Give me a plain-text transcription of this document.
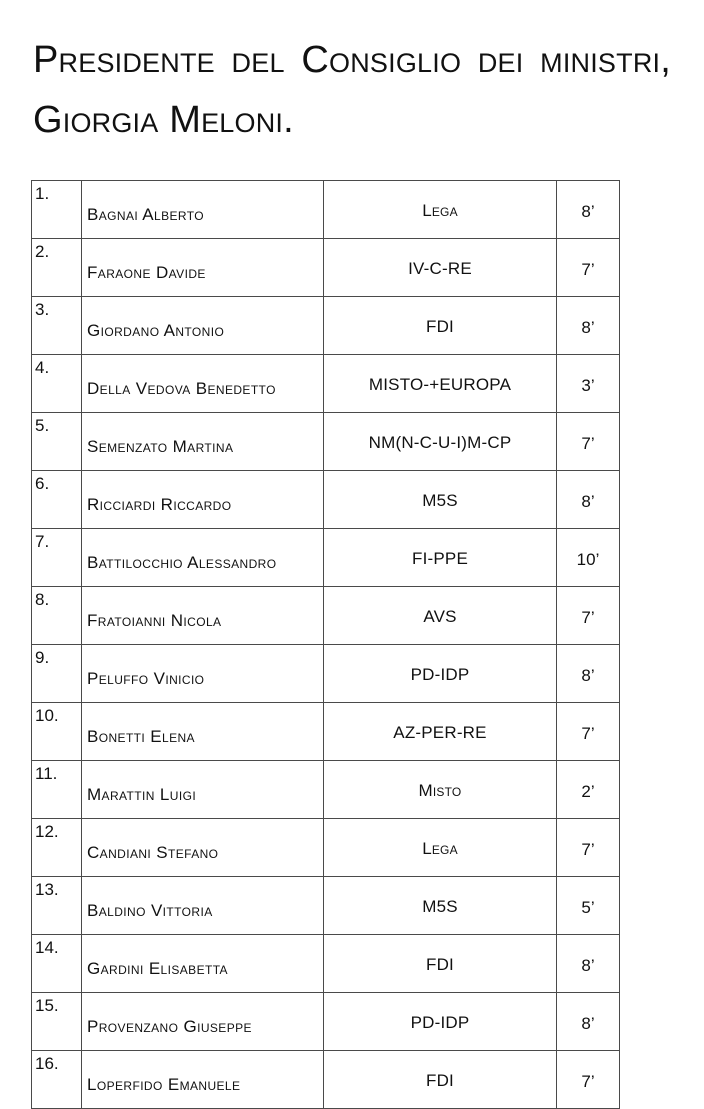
Presidente del Consiglio dei ministri, Giorgia Meloni.
1.	Bagnai Alberto	Lega	8’
2.	Faraone Davide	IV-C-RE	7’
3.	Giordano Antonio	FDI	8’
4.	Della Vedova Benedetto	MISTO-+EUROPA	3’
5.	Semenzato Martina	NM(N-C-U-I)M-CP	7’
6.	Ricciardi Riccardo	M5S	8’
7.	Battilocchio Alessandro	FI-PPE	10’
8.	Fratoianni Nicola	AVS	7’
9.	Peluffo Vinicio	PD-IDP	8’
10.	Bonetti Elena	AZ-PER-RE	7’
11.	Marattin Luigi	Misto	2’
12.	Candiani Stefano	Lega	7’
13.	Baldino Vittoria	M5S	5’
14.	Gardini Elisabetta	FDI	8’
15.	Provenzano Giuseppe	PD-IDP	8’
16.	Loperfido Emanuele	FDI	7’
